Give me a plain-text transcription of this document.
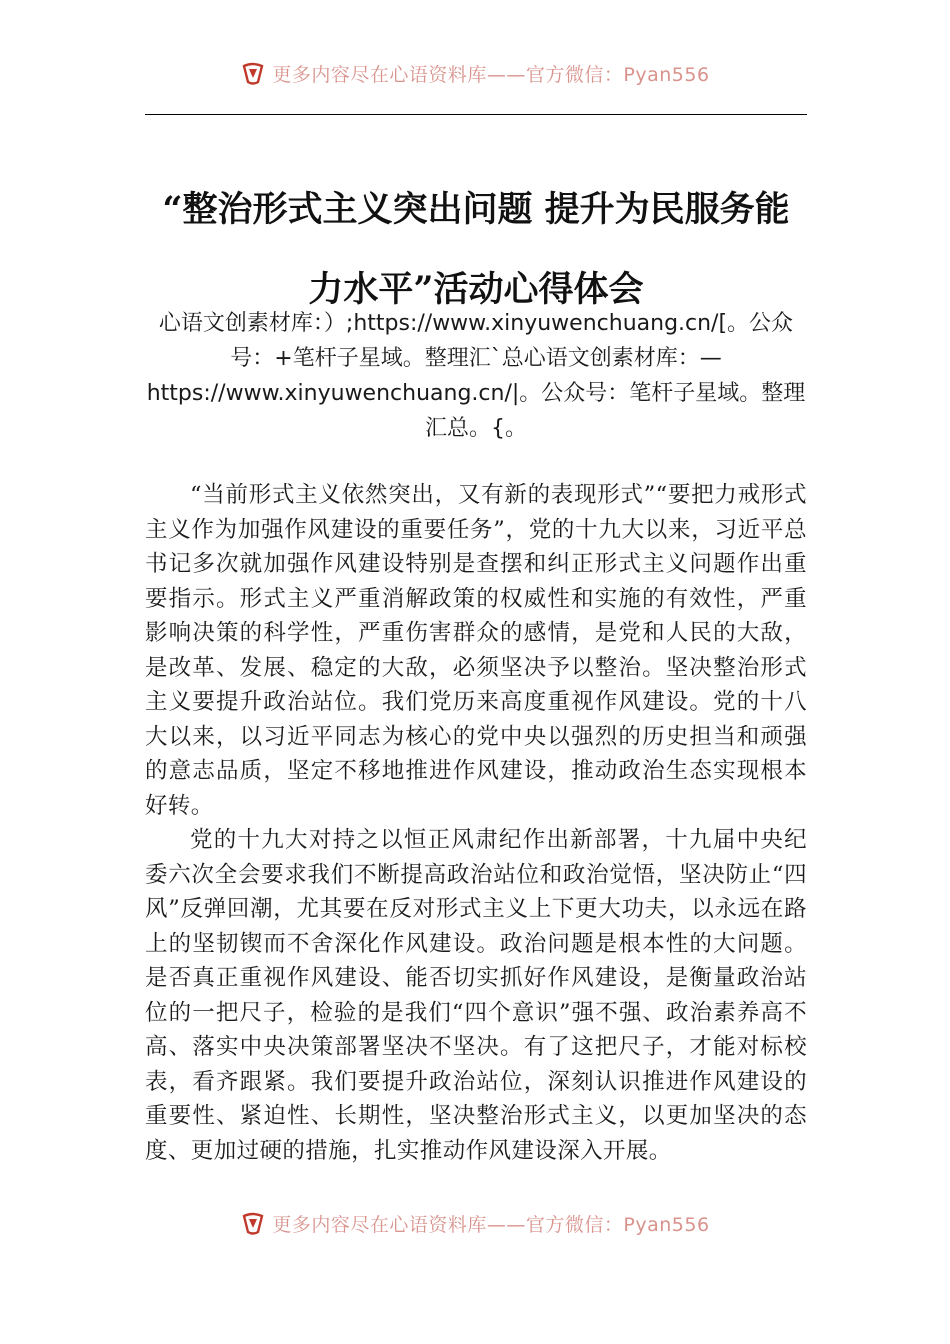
更多内容尽在心语资料库——官方微信：Pyan556
“整治形式主义突出问题 提升为民服务能力水平”活动心得体会
心语文创素材库：）;https://www.xinyuwenchuang.cn/[。公众号：+笔杆子星域。整理汇`总心语文创素材库：—https://www.xinyuwenchuang.cn/|。公众号：笔杆子星域。整理汇总。{。

“当前形式主义依然突出，又有新的表现形式”“要把力戒形式主义作为加强作风建设的重要任务”，党的十九大以来，习近平总书记多次就加强作风建设特别是查摆和纠正形式主义问题作出重要指示。形式主义严重消解政策的权威性和实施的有效性，严重影响决策的科学性，严重伤害群众的感情，是党和人民的大敌，是改革、发展、稳定的大敌，必须坚决予以整治。坚决整治形式主义要提升政治站位。我们党历来高度重视作风建设。党的十八大以来，以习近平同志为核心的党中央以强烈的历史担当和顽强的意志品质，坚定不移地推进作风建设，推动政治生态实现根本好转。

党的十九大对持之以恒正风肃纪作出新部署，十九届中央纪委六次全会要求我们不断提高政治站位和政治觉悟，坚决防止“四风”反弹回潮，尤其要在反对形式主义上下更大功夫，以永远在路上的坚韧锲而不舍深化作风建设。政治问题是根本性的大问题。是否真正重视作风建设、能否切实抓好作风建设，是衡量政治站位的一把尺子，检验的是我们“四个意识”强不强、政治素养高不高、落实中央决策部署坚决不坚决。有了这把尺子，才能对标校表，看齐跟紧。我们要提升政治站位，深刻认识推进作风建设的重要性、紧迫性、长期性，坚决整治形式主义，以更加坚决的态度、更加过硬的措施，扎实推动作风建设深入开展。

更多内容尽在心语资料库——官方微信：Pyan556
